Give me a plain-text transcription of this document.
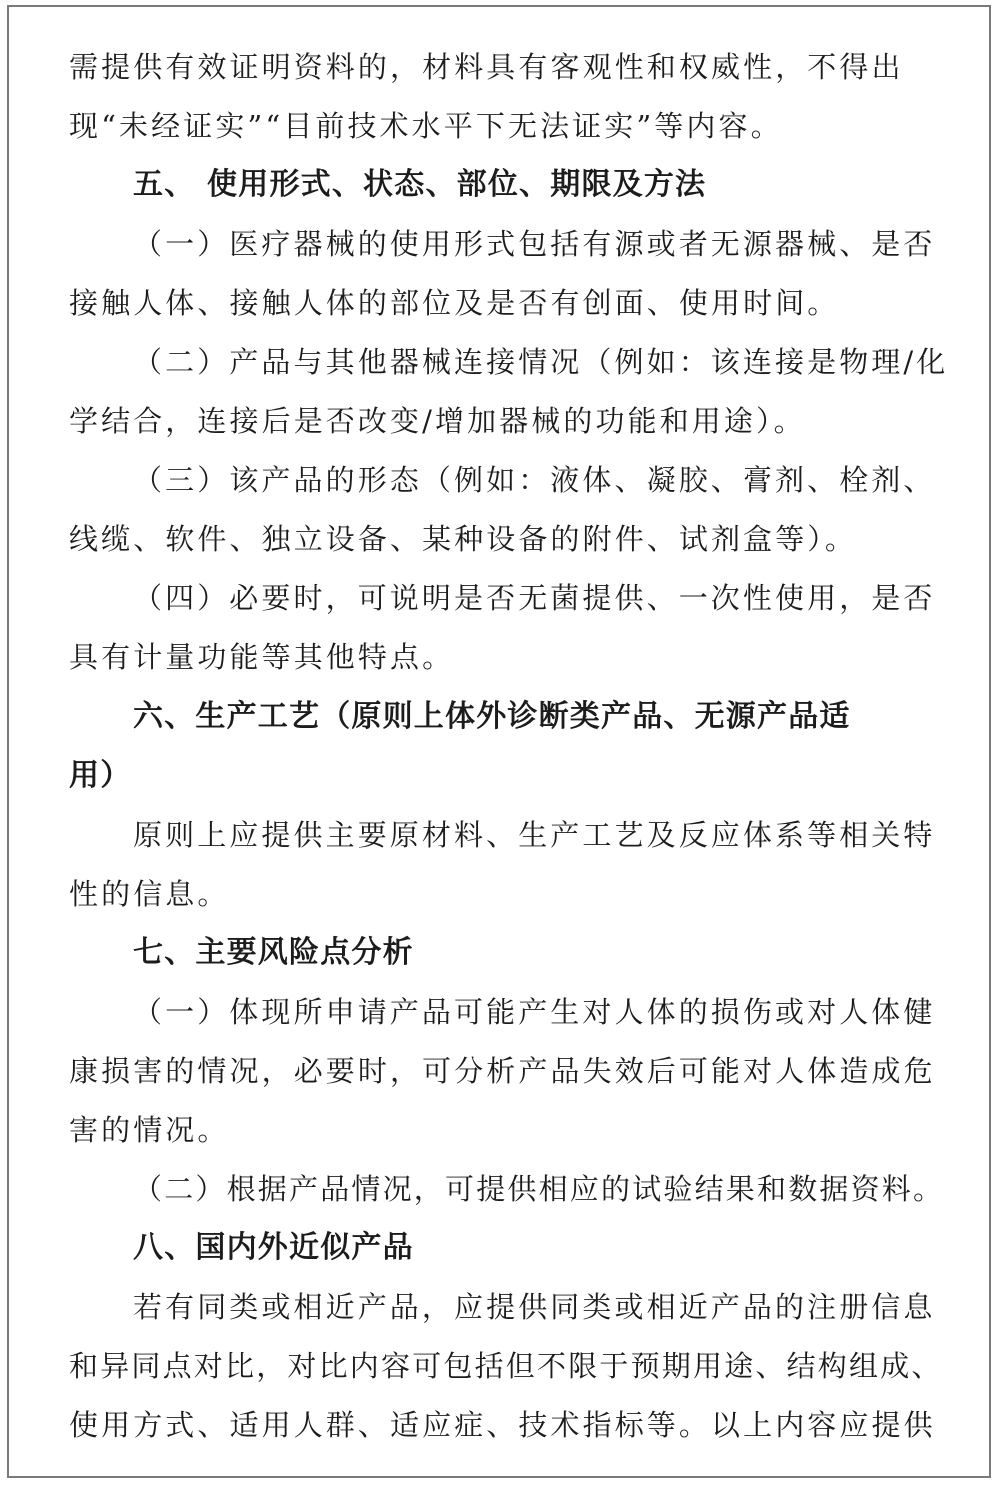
需提供有效证明资料的，材料具有客观性和权威性，不得出
现“未经证实”“目前技术水平下无法证实”等内容。
五、 使用形式、状态、部位、期限及方法
（一）医疗器械的使用形式包括有源或者无源器械、是否
接触人体、接触人体的部位及是否有创面、使用时间。
（二）产品与其他器械连接情况（例如：该连接是物理/化
学结合，连接后是否改变/增加器械的功能和用途）。
（三）该产品的形态（例如：液体、凝胶、膏剂、栓剂、
线缆、软件、独立设备、某种设备的附件、试剂盒等）。
（四）必要时，可说明是否无菌提供、一次性使用，是否
具有计量功能等其他特点。
六、生产工艺（原则上体外诊断类产品、无源产品适
用）
原则上应提供主要原材料、生产工艺及反应体系等相关特
性的信息。
七、主要风险点分析
（一）体现所申请产品可能产生对人体的损伤或对人体健
康损害的情况，必要时，可分析产品失效后可能对人体造成危
害的情况。
（二）根据产品情况，可提供相应的试验结果和数据资料。
八、国内外近似产品
若有同类或相近产品，应提供同类或相近产品的注册信息
和异同点对比，对比内容可包括但不限于预期用途、结构组成、
使用方式、适用人群、适应症、技术指标等。以上内容应提供
